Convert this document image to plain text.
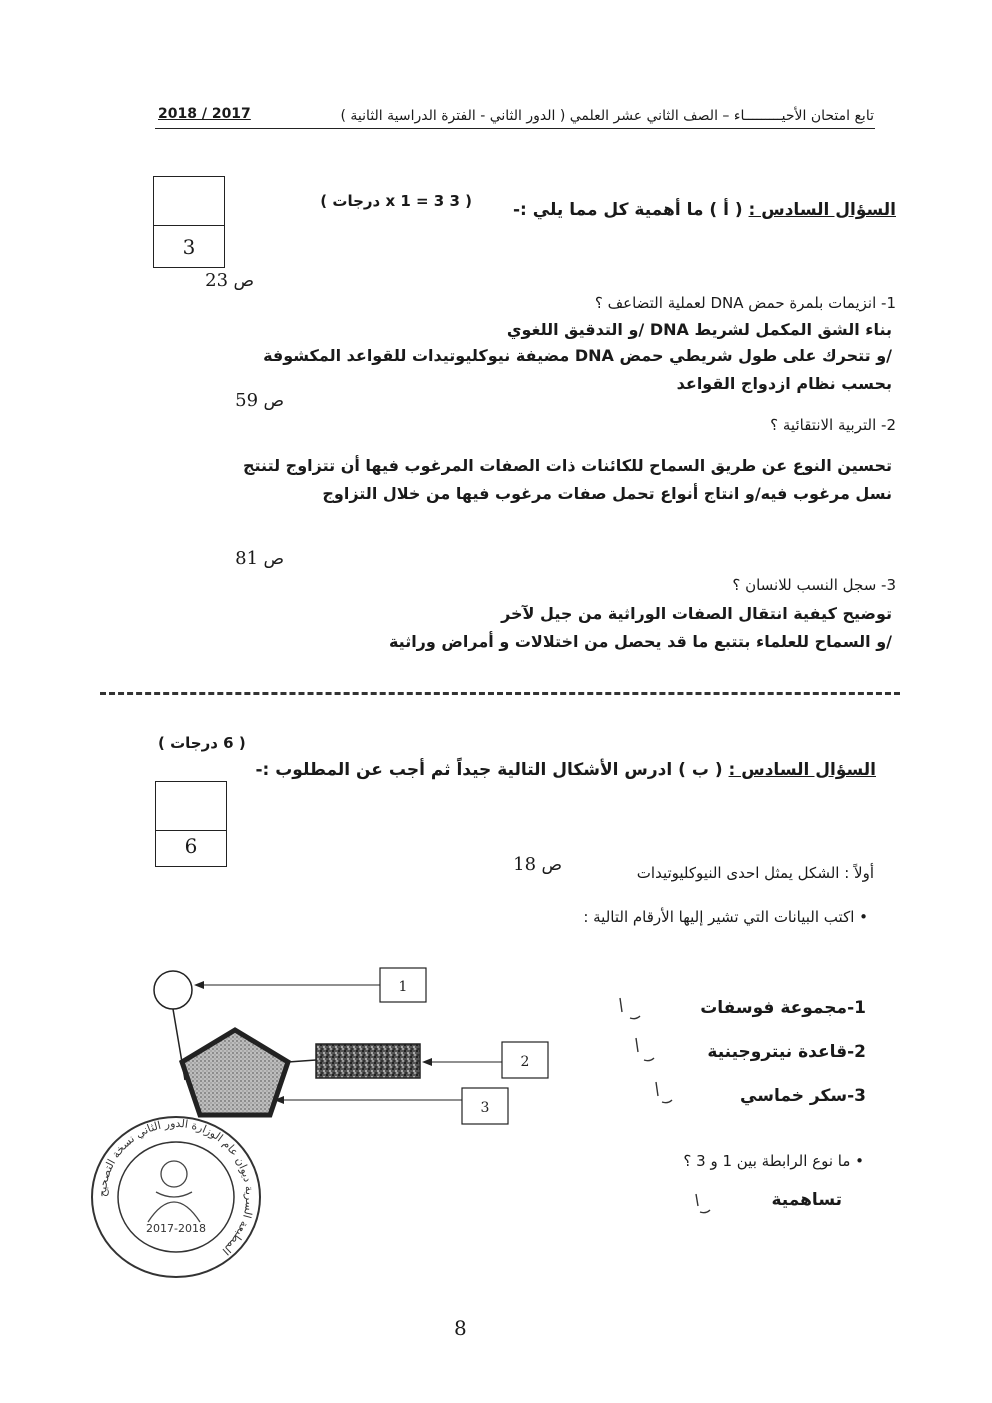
تابع امتحان الأحيـــــــــاء – الصف الثاني عشر العلمي ( الدور الثاني - الفترة الدراسية الثانية )
2018 / 2017
3
السؤال السادس : ( أ ) ما أهمية كل مما يلي :-
( 3 x 1 = 3 درجات )
ص 23
1- انزيمات بلمرة حمض DNA لعملية التضاعف ؟
بناء الشق المكمل لشريط DNA /و التدقيق اللغوي
/و تتحرك على طول شريطي حمض DNA مضيفة نيوكليوتيدات للقواعد المكشوفة
بحسب نظام ازدواج القواعد
ص 59
2- التربية الانتقائية ؟
تحسين النوع عن طريق السماح للكائنات ذات الصفات المرغوب فيها أن تتزاوج لتنتج
نسل مرغوب فيه/و انتاج أنواع تحمل صفات مرغوب فيها من خلال التزاوج
ص 81
3- سجل النسب للانسان ؟
توضيح كيفية انتقال الصفات الوراثية من جيل لآخر
/و السماح للعلماء بتتبع ما قد يحصل من اختلالات و أمراض وراثية
السؤال السادس : ( ب ) ادرس الأشكال التالية جيداً ثم أجب عن المطلوب :-
( 6 درجات )
6
أولاً : الشكل يمثل احدى النيوكليوتيدات
ص 18
• اكتب البيانات التي تشير إليها الأرقام التالية :
1-مجموعة فوسفات
2-قاعدة نيتروجينية
3-سكر خماسي
• ما نوع الرابطة بين 1 و 3 ؟
تساهمية
1
2
3
المطبعة السرية ديوان عام الوزارة الدور الثاني نسخة التصحيح
2017-2018
8
